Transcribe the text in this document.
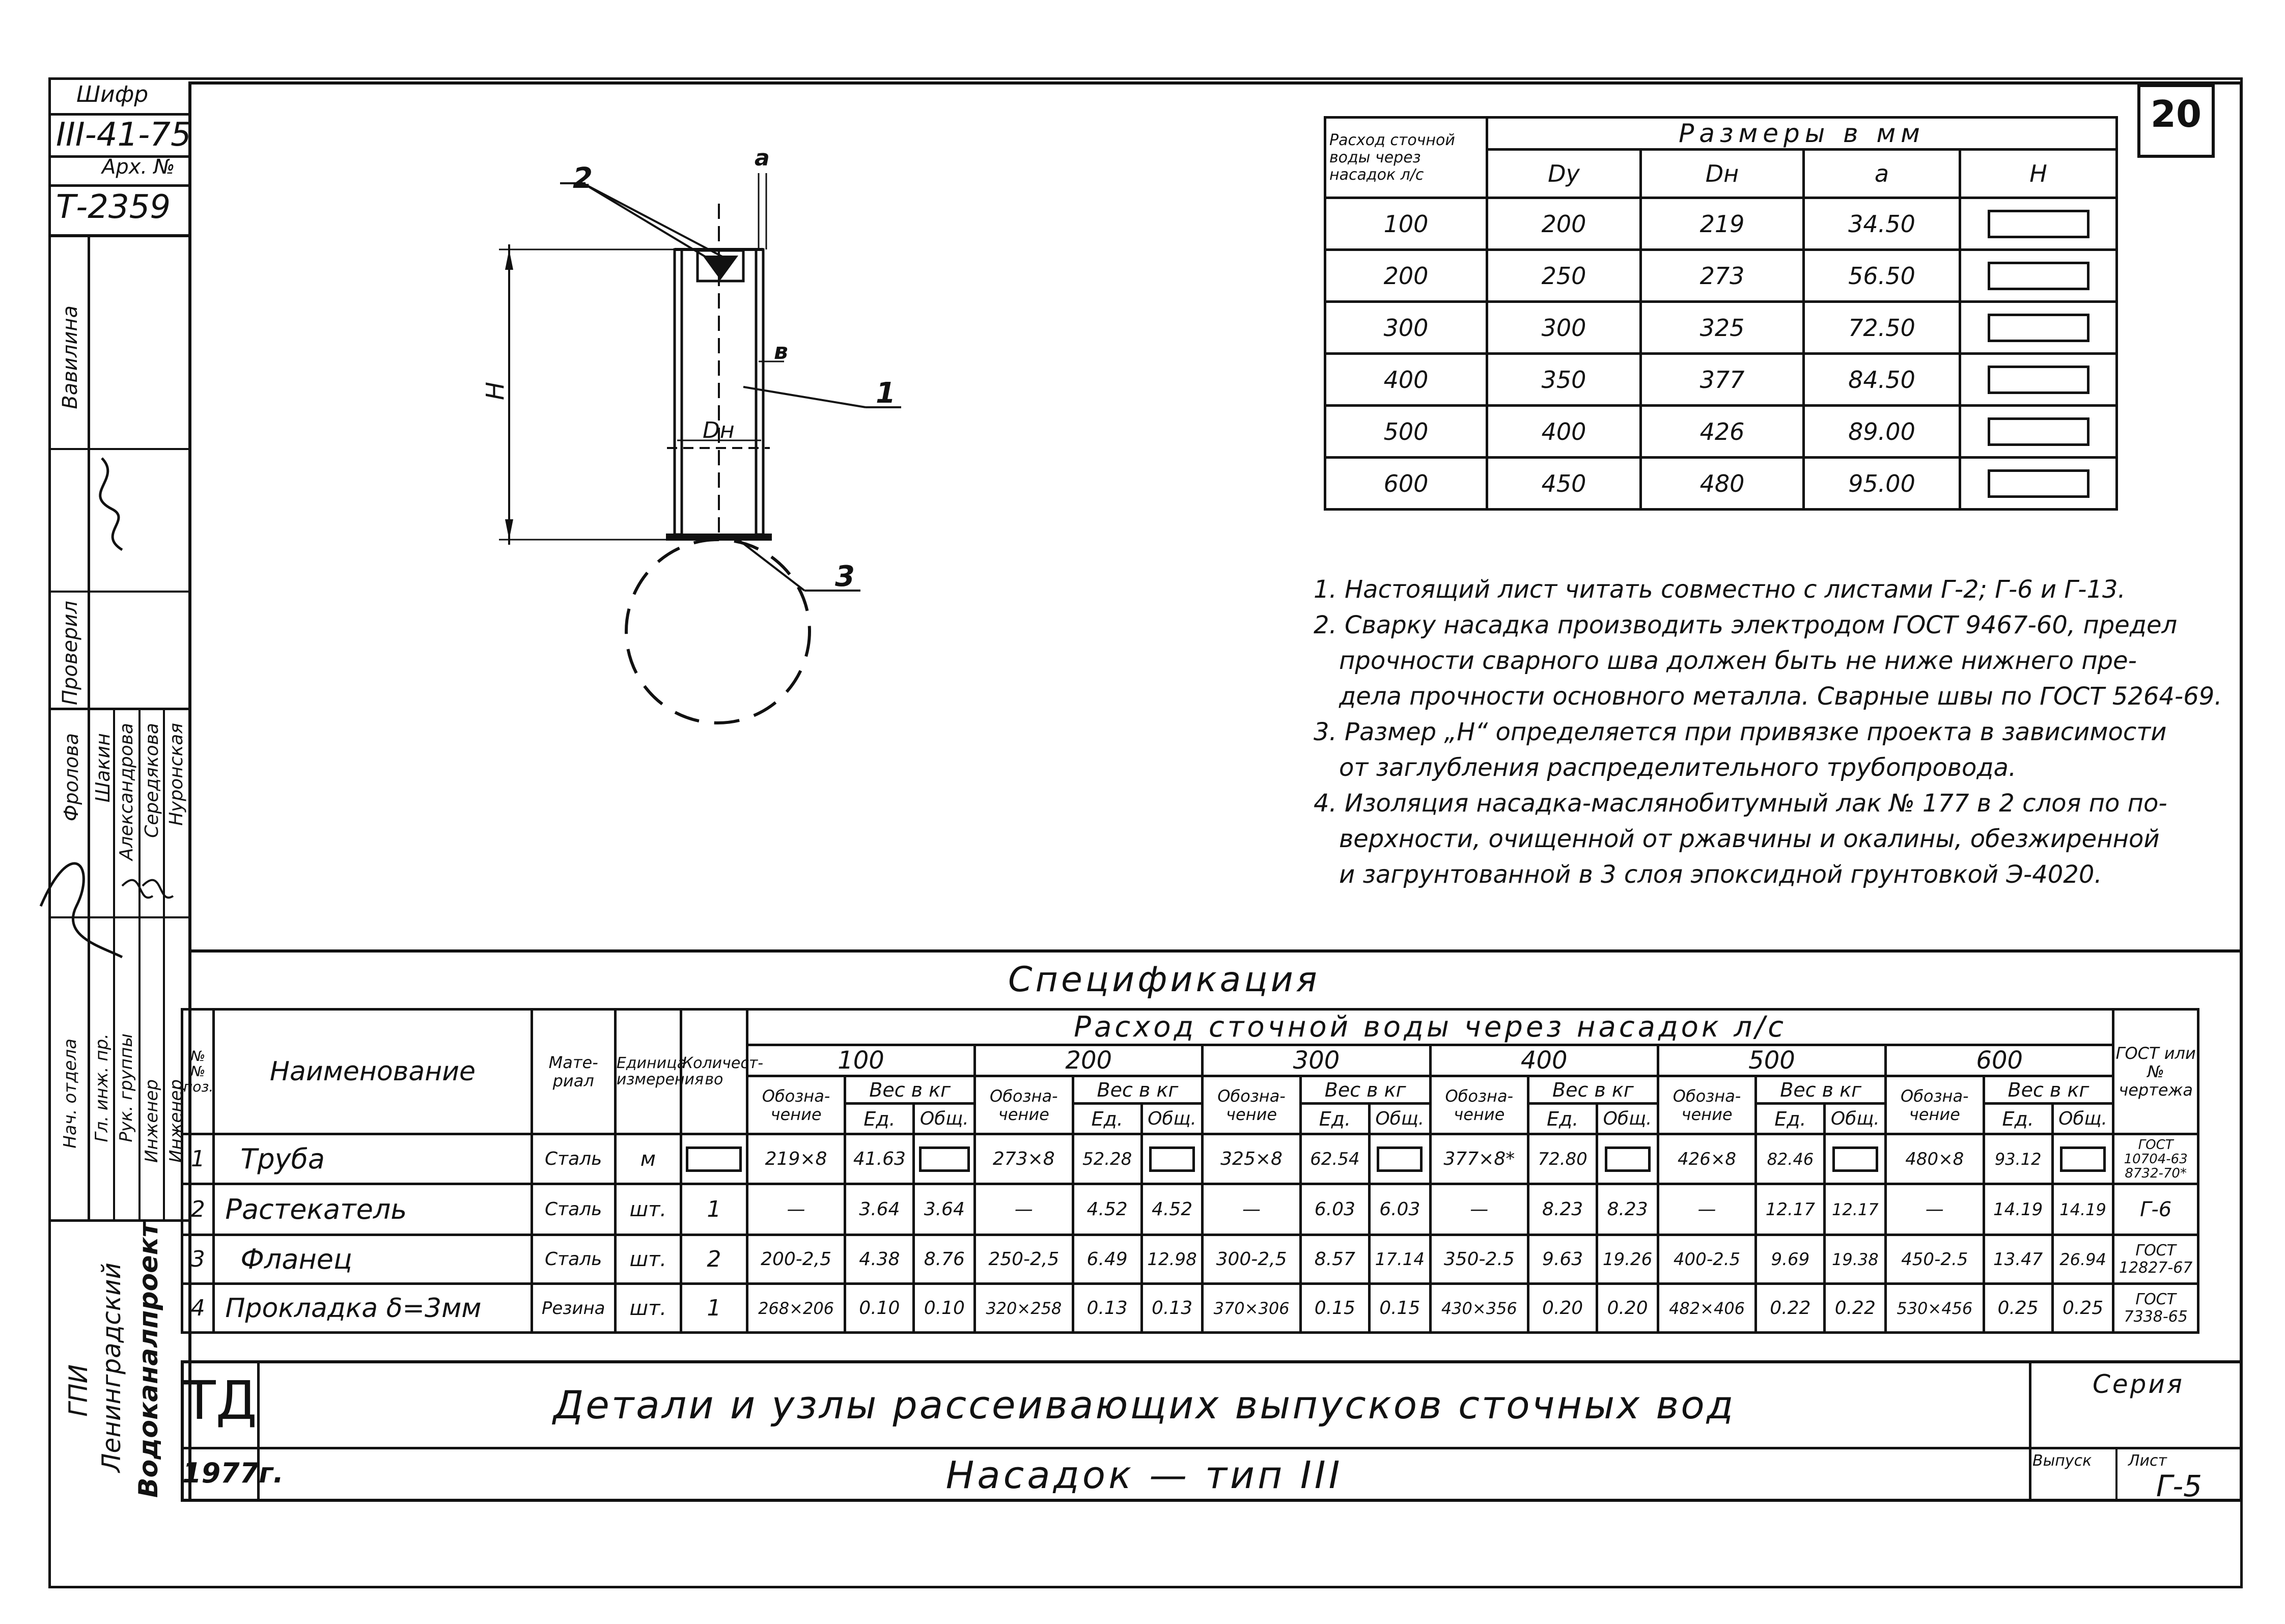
20
Шифр
III-41-75
Арх. №
Т-2359
Вавилина
Проверил
Фролова Шакин Александрова Середякова Нуронская
Нач. отдела Гл. инж. пр. Рук. группы Инженер Инженер
ГПИ Ленинградский Водоканалпроект
2
а
в
1
Н
Dн
3
Расход сточной воды через насадок л/с	Размеры в мм			
	Dу	Dн	а	Н
100	200	219	34.50	
200	250	273	56.50	
300	300	325	72.50	
400	350	377	84.50	
500	400	426	89.00	
600	450	480	95.00	
1. Настоящий лист читать совместно с листами Г-2; Г-6 и Г-13.
2. Сварку насадка производить электродом ГОСТ 9467-60, предел
прочности сварного шва должен быть не ниже нижнего пре-
дела прочности основного металла. Сварные швы по ГОСТ 5264-69.
3. Размер „Н“ определяется при привязке проекта в зависимости
от заглубления распределительного трубопровода.
4. Изоляция насадка-маслянобитумный лак № 177 в 2 слоя по по-
верхности, очищенной от ржавчины и окалины, обезжиренной
и загрунтованной в 3 слоя эпоксидной грунтовкой Э-4020.
Спецификация
№№ поз.	Наименование	Мате-риал	Единица измерения	Количест-во	Расход сточной воды через насадок л/с																		ГОСТ или № чертежа
					100			200			300			400			500			600			
					Обозна-чение	Вес в кг		Обозна-чение	Вес в кг		Обозна-чение	Вес в кг		Обозна-чение	Вес в кг		Обозна-чение	Вес в кг		Обозна-чение	Вес в кг		
						Ед.	Общ.		Ед.	Общ.		Ед.	Общ.		Ед.	Общ.		Ед.	Общ.		Ед.	Общ.	
1	Труба	Сталь	м		219×8	41.63		273×8	52.28		325×8	62.54		377×8*	72.80		426×8	82.46		480×8	93.12		ГОСТ 10704-63 8732-70*
2	Растекатель	Сталь	шт.	1	—	3.64	3.64	—	4.52	4.52	—	6.03	6.03	—	8.23	8.23	—	12.17	12.17	—	14.19	14.19	Г-6
3	Фланец	Сталь	шт.	2	200-2,5	4.38	8.76	250-2,5	6.49	12.98	300-2,5	8.57	17.14	350-2.5	9.63	19.26	400-2.5	9.69	19.38	450-2.5	13.47	26.94	ГОСТ 12827-67
4	Прокладка δ=3мм	Резина	шт.	1	268×206	0.10	0.10	320×258	0.13	0.13	370×306	0.15	0.15	430×356	0.20	0.20	482×406	0.22	0.22	530×456	0.25	0.25	ГОСТ 7338-65
ТД
1977г.
Детали и узлы рассеивающих выпусков сточных вод
Насадок — тип III
Серия
Выпуск Лист
Г-5
